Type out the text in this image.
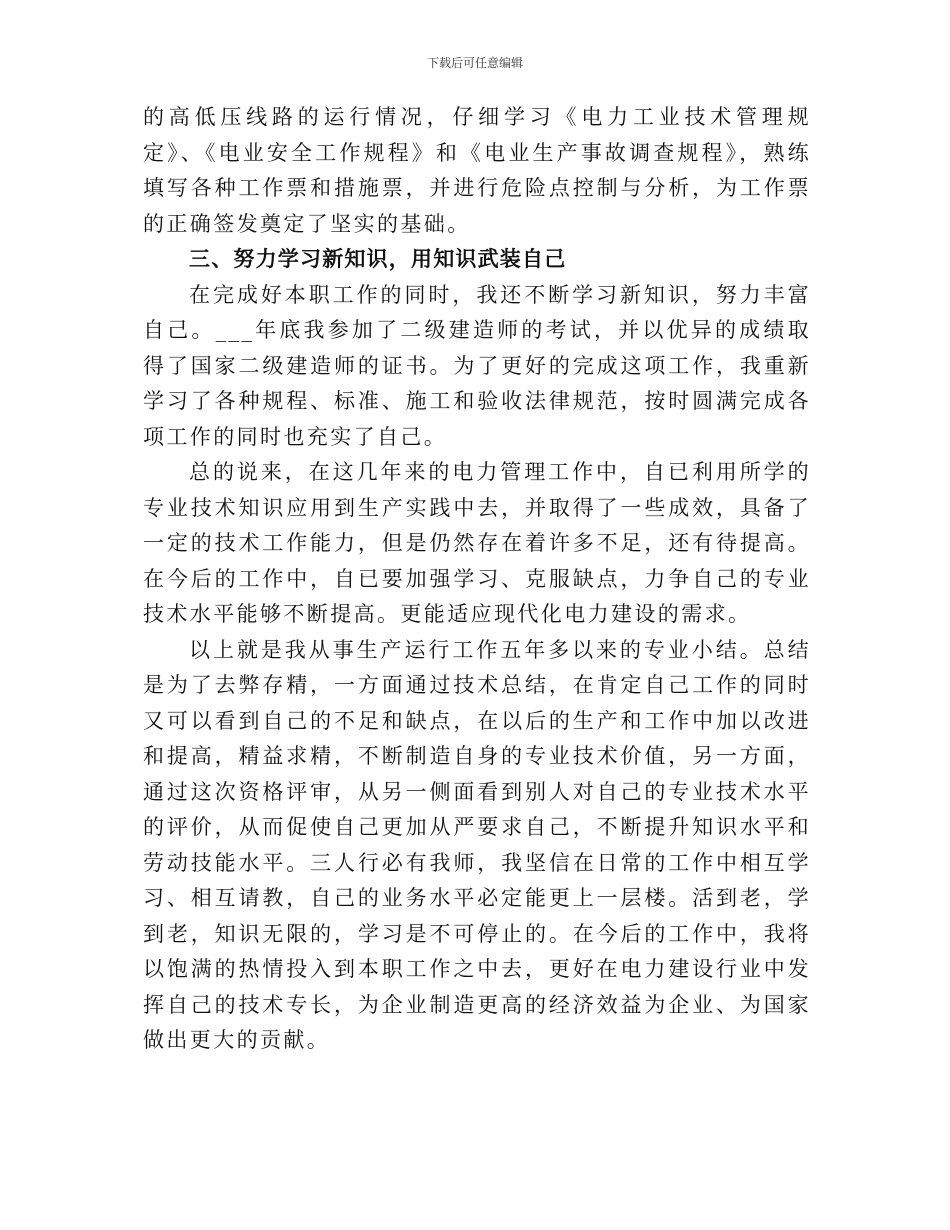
下载后可任意编辑

的高低压线路的运行情况，仔细学习《电力工业技术管理规定》、《电业安全工作规程》和《电业生产事故调查规程》，熟练填写各种工作票和措施票，并进行危险点控制与分析，为工作票的正确签发奠定了坚实的基础。

三、努力学习新知识，用知识武装自己

在完成好本职工作的同时，我还不断学习新知识，努力丰富自己。___年底我参加了二级建造师的考试，并以优异的成绩取得了国家二级建造师的证书。为了更好的完成这项工作，我重新学习了各种规程、标准、施工和验收法律规范，按时圆满完成各项工作的同时也充实了自己。

总的说来，在这几年来的电力管理工作中，自已利用所学的专业技术知识应用到生产实践中去，并取得了一些成效，具备了一定的技术工作能力，但是仍然存在着许多不足，还有待提高。在今后的工作中，自已要加强学习、克服缺点，力争自己的专业技术水平能够不断提高。更能适应现代化电力建设的需求。

以上就是我从事生产运行工作五年多以来的专业小结。总结是为了去弊存精，一方面通过技术总结，在肯定自己工作的同时又可以看到自己的不足和缺点，在以后的生产和工作中加以改进和提高，精益求精，不断制造自身的专业技术价值，另一方面，通过这次资格评审，从另一侧面看到别人对自己的专业技术水平的评价，从而促使自己更加从严要求自己，不断提升知识水平和劳动技能水平。三人行必有我师，我坚信在日常的工作中相互学习、相互请教，自己的业务水平必定能更上一层楼。活到老，学到老，知识无限的，学习是不可停止的。在今后的工作中，我将以饱满的热情投入到本职工作之中去，更好在电力建设行业中发挥自己的技术专长，为企业制造更高的经济效益为企业、为国家做出更大的贡献。
